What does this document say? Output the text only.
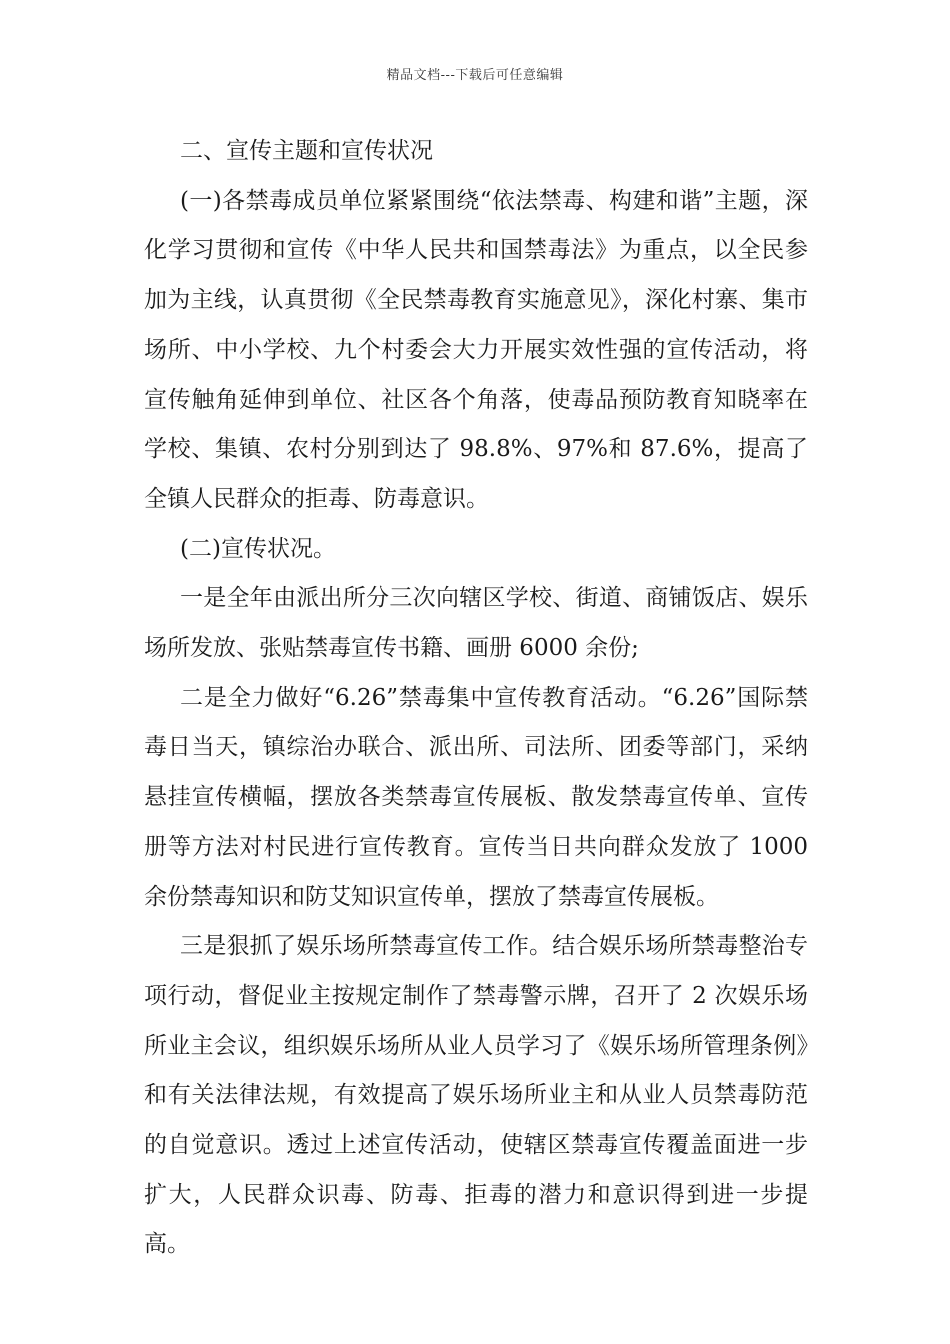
精品文档---下载后可任意编辑

二、宣传主题和宣传状况

(一)各禁毒成员单位紧紧围绕“依法禁毒、构建和谐”主题，深化学习贯彻和宣传《中华人民共和国禁毒法》为重点，以全民参加为主线，认真贯彻《全民禁毒教育实施意见》，深化村寨、集市场所、中小学校、九个村委会大力开展实效性强的宣传活动，将宣传触角延伸到单位、社区各个角落，使毒品预防教育知晓率在学校、集镇、农村分别到达了 98.8%、97%和 87.6%，提高了全镇人民群众的拒毒、防毒意识。

(二)宣传状况。

一是全年由派出所分三次向辖区学校、街道、商铺饭店、娱乐场所发放、张贴禁毒宣传书籍、画册 6000 余份;

二是全力做好“6.26”禁毒集中宣传教育活动。“6.26”国际禁毒日当天，镇综治办联合、派出所、司法所、团委等部门，采纳悬挂宣传横幅，摆放各类禁毒宣传展板、散发禁毒宣传单、宣传册等方法对村民进行宣传教育。宣传当日共向群众发放了 1000 余份禁毒知识和防艾知识宣传单，摆放了禁毒宣传展板。

三是狠抓了娱乐场所禁毒宣传工作。结合娱乐场所禁毒整治专项行动，督促业主按规定制作了禁毒警示牌，召开了 2 次娱乐场所业主会议，组织娱乐场所从业人员学习了《娱乐场所管理条例》和有关法律法规，有效提高了娱乐场所业主和从业人员禁毒防范的自觉意识。透过上述宣传活动，使辖区禁毒宣传覆盖面进一步扩大，人民群众识毒、防毒、拒毒的潜力和意识得到进一步提高。
